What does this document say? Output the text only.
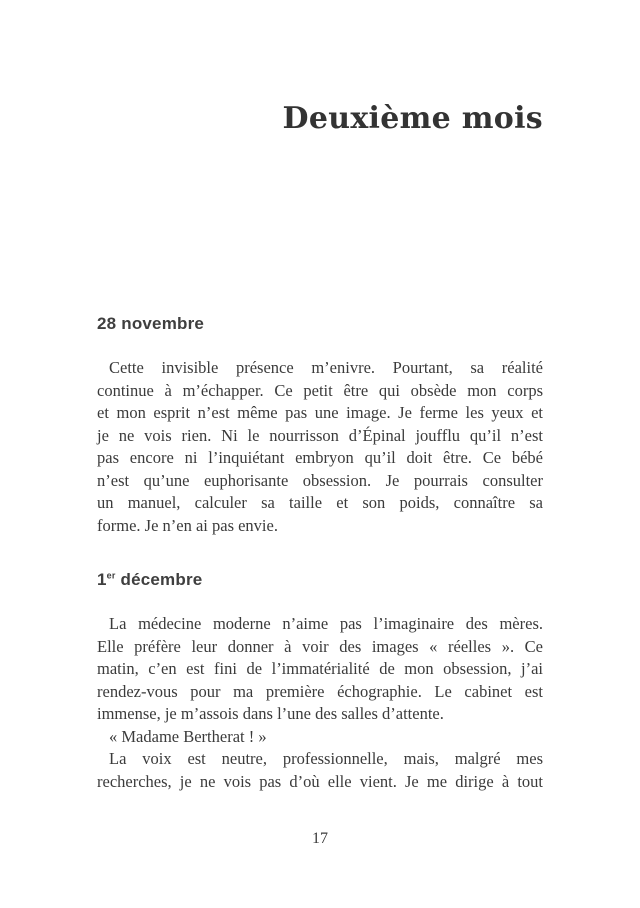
Deuxième mois
28 novembre
Cette invisible présence m’enivre. Pourtant, sa réalité
continue à m’échapper. Ce petit être qui obsède mon corps
et mon esprit n’est même pas une image. Je ferme les yeux et
je ne vois rien. Ni le nourrisson d’Épinal joufflu qu’il n’est
pas encore ni l’inquiétant embryon qu’il doit être. Ce bébé
n’est qu’une euphorisante obsession. Je pourrais consulter
un manuel, calculer sa taille et son poids, connaître sa
forme. Je n’en ai pas envie.
1er décembre
La médecine moderne n’aime pas l’imaginaire des mères.
Elle préfère leur donner à voir des images « réelles ». Ce
matin, c’en est fini de l’immatérialité de mon obsession, j’ai
rendez-vous pour ma première échographie. Le cabinet est
immense, je m’assois dans l’une des salles d’attente.
« Madame Bertherat ! »
La voix est neutre, professionnelle, mais, malgré mes
recherches, je ne vois pas d’où elle vient. Je me dirige à tout
17
